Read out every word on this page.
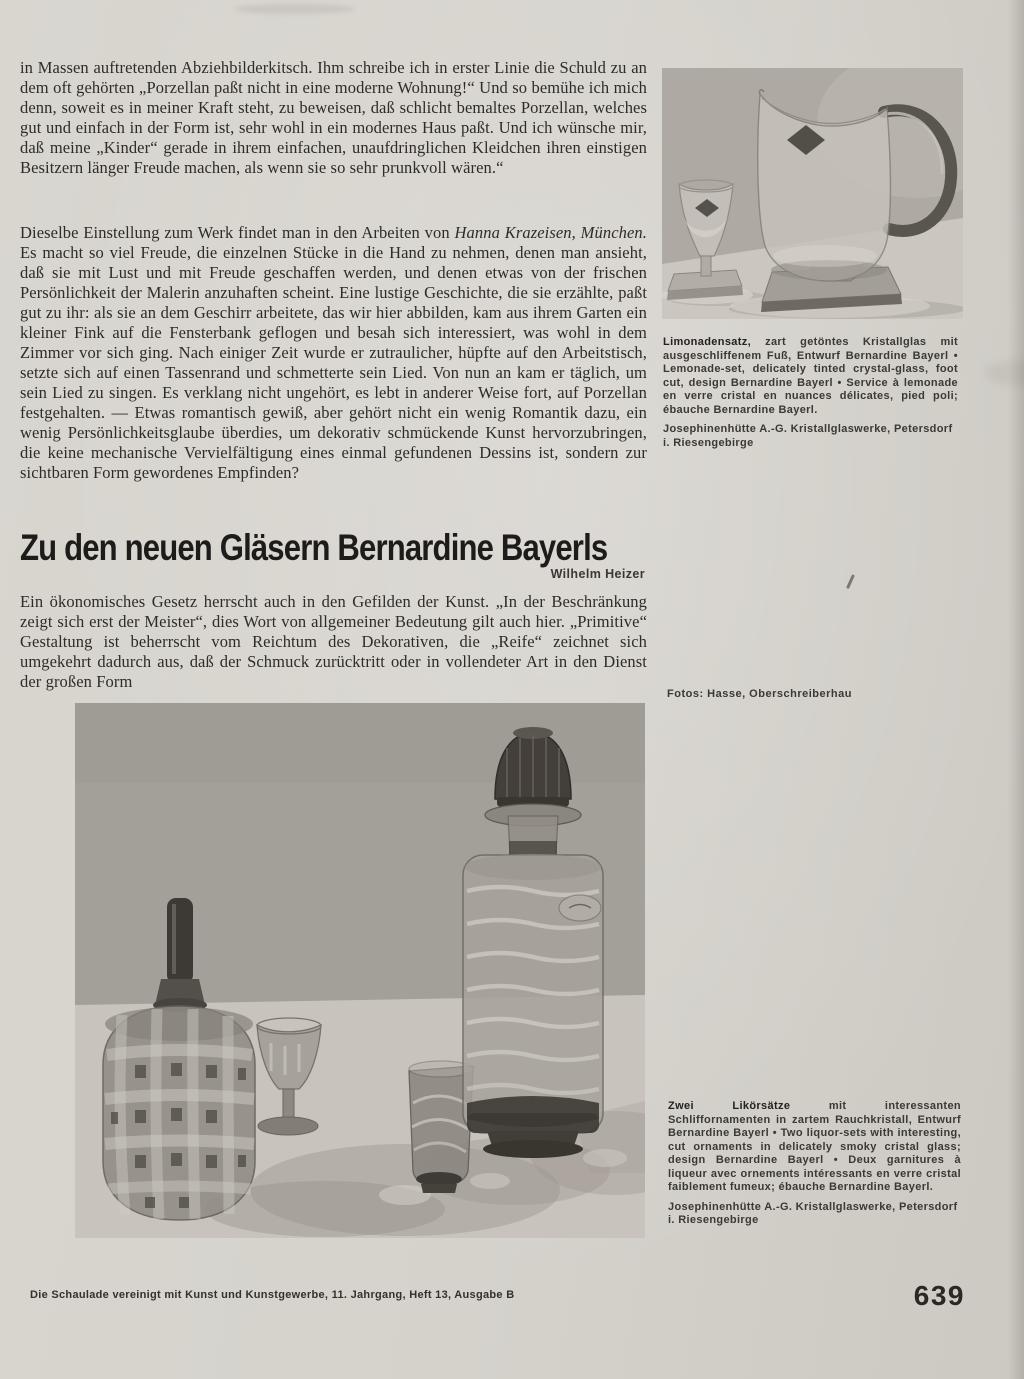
in Massen auftretenden Abziehbilderkitsch. Ihm schreibe ich in erster Linie die Schuld zu an dem oft gehörten „Porzellan paßt nicht in eine moderne Wohnung!“ Und so bemühe ich mich denn, soweit es in meiner Kraft steht, zu beweisen, daß schlicht bemaltes Porzellan, welches gut und einfach in der Form ist, sehr wohl in ein modernes Haus paßt. Und ich wünsche mir, daß meine „Kinder“ gerade in ihrem einfachen, unaufdringlichen Kleidchen ihren einstigen Besitzern länger Freude machen, als wenn sie so sehr prunkvoll wären.“

Dieselbe Einstellung zum Werk findet man in den Arbeiten von Hanna Krazeisen, München. Es macht so viel Freude, die einzelnen Stücke in die Hand zu nehmen, denen man ansieht, daß sie mit Lust und mit Freude geschaffen werden, und denen etwas von der frischen Persönlichkeit der Malerin anzuhaften scheint. Eine lustige Geschichte, die sie erzählte, paßt gut zu ihr: als sie an dem Geschirr arbeitete, das wir hier abbilden, kam aus ihrem Garten ein kleiner Fink auf die Fensterbank geflogen und besah sich interessiert, was wohl in dem Zimmer vor sich ging. Nach einiger Zeit wurde er zutraulicher, hüpfte auf den Arbeitstisch, setzte sich auf einen Tassenrand und schmetterte sein Lied. Von nun an kam er täglich, um sein Lied zu singen. Es verklang nicht ungehört, es lebt in anderer Weise fort, auf Porzellan festgehalten. — Etwas romantisch gewiß, aber gehört nicht ein wenig Romantik dazu, ein wenig Persönlichkeitsglaube überdies, um dekorativ schmückende Kunst hervorzubringen, die keine mechanische Vervielfältigung eines einmal gefundenen Dessins ist, sondern zur sichtbaren Form gewordenes Empfinden?

Zu den neuen Gläsern Bernardine Bayerls

Wilhelm Heizer

Ein ökonomisches Gesetz herrscht auch in den Gefilden der Kunst. „In der Beschränkung zeigt sich erst der Meister“, dies Wort von allgemeiner Bedeutung gilt auch hier. „Primitive“ Gestaltung ist beherrscht vom Reichtum des Dekorativen, die „Reife“ zeichnet sich umgekehrt dadurch aus, daß der Schmuck zurücktritt oder in vollendeter Art in den Dienst der großen Form

Limonadensatz, zart getöntes Kristallglas mit ausgeschliffenem Fuß, Entwurf Bernardine Bayerl • Lemonade-set, delicately tinted crystal-glass, foot cut, design Bernardine Bayerl • Service à lemonade en verre cristal en nuances délicates, pied poli; ébauche Bernardine Bayerl.

Josephinenhütte A.-G. Kristallglaswerke, Petersdorf i. Riesengebirge

Fotos: Hasse, Oberschreiberhau

Zwei Likörsätze mit interessanten Schliffornamenten in zartem Rauchkristall, Entwurf Bernardine Bayerl • Two liquor-sets with interesting, cut ornaments in delicately smoky cristal glass; design Bernardine Bayerl • Deux garnitures à liqueur avec ornements intéressants en verre cristal faiblement fumeux; ébauche Bernardine Bayerl.

Josephinenhütte A.-G. Kristallglaswerke, Petersdorf i. Riesengebirge

Die Schaulade vereinigt mit Kunst und Kunstgewerbe, 11. Jahrgang, Heft 13, Ausgabe B	639
